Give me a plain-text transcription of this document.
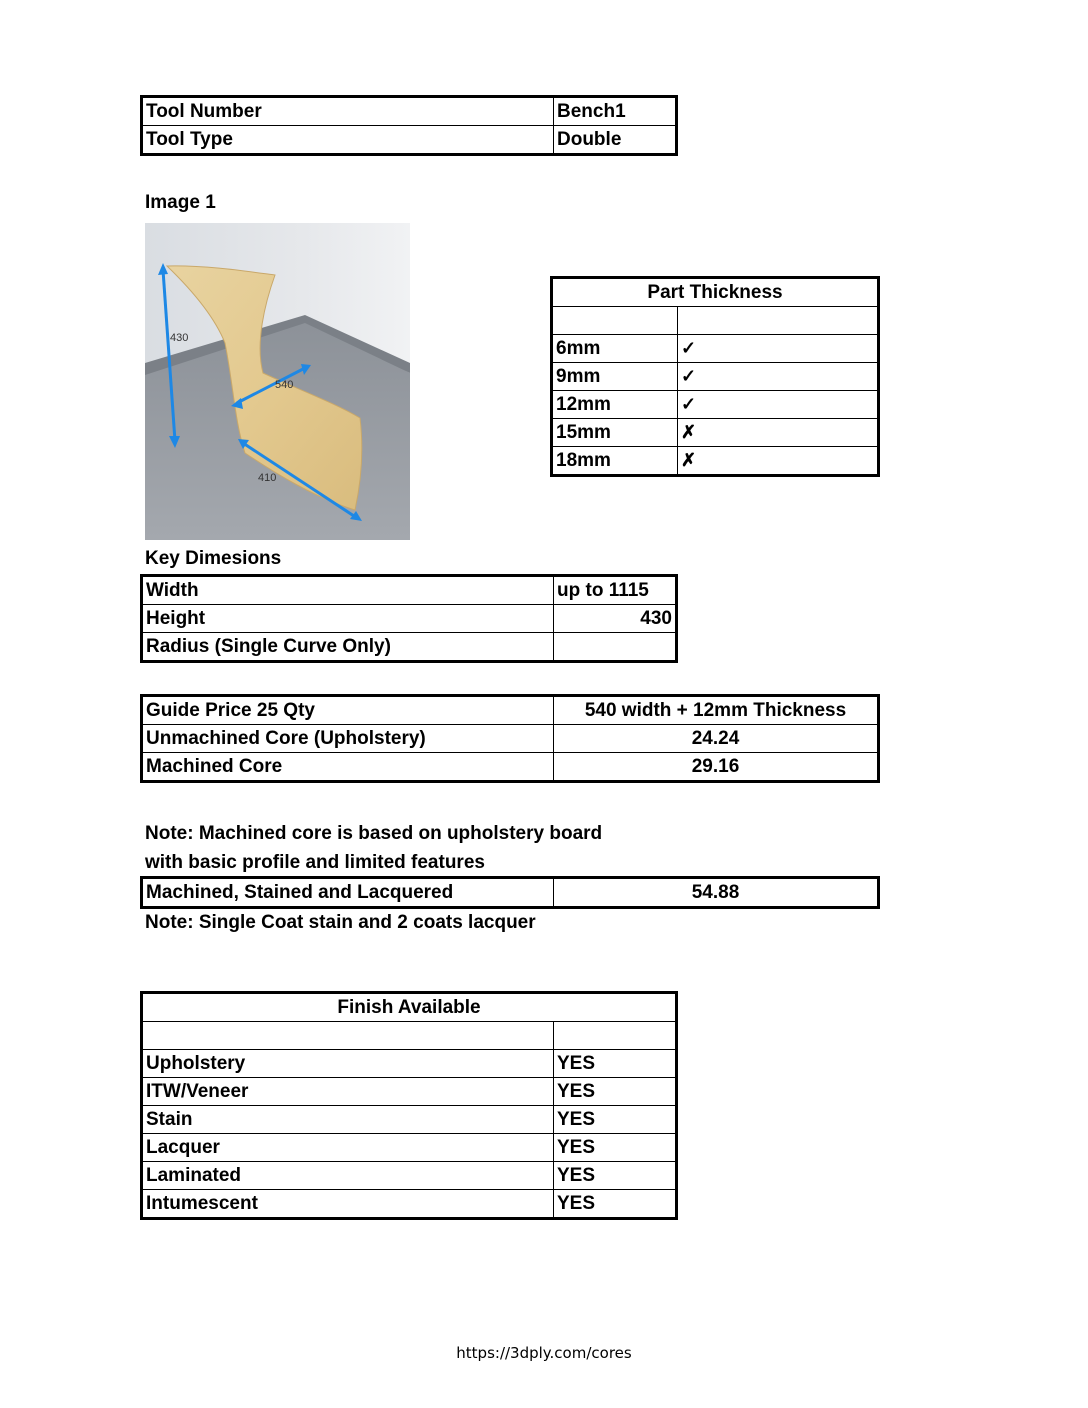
Tool Number	Bench1
Tool Type	Double
Image 1
430
540
410
Part Thickness	

6mm	✓
9mm	✓
12mm	✓
15mm	✗
18mm	✗
Key Dimesions
Width	up to 1115
Height	430
Radius (Single Curve Only)	
Guide Price 25 Qty	540 width + 12mm Thickness
Unmachined Core (Upholstery)	24.24
Machined Core	29.16
Note: Machined core is based on upholstery board
with basic profile and limited features
Machined, Stained and Lacquered	54.88
Note: Single Coat stain and 2 coats lacquer
Finish Available	

Upholstery	YES
ITW/Veneer	YES
Stain	YES
Lacquer	YES
Laminated	YES
Intumescent	YES
https://3dply.com/cores
